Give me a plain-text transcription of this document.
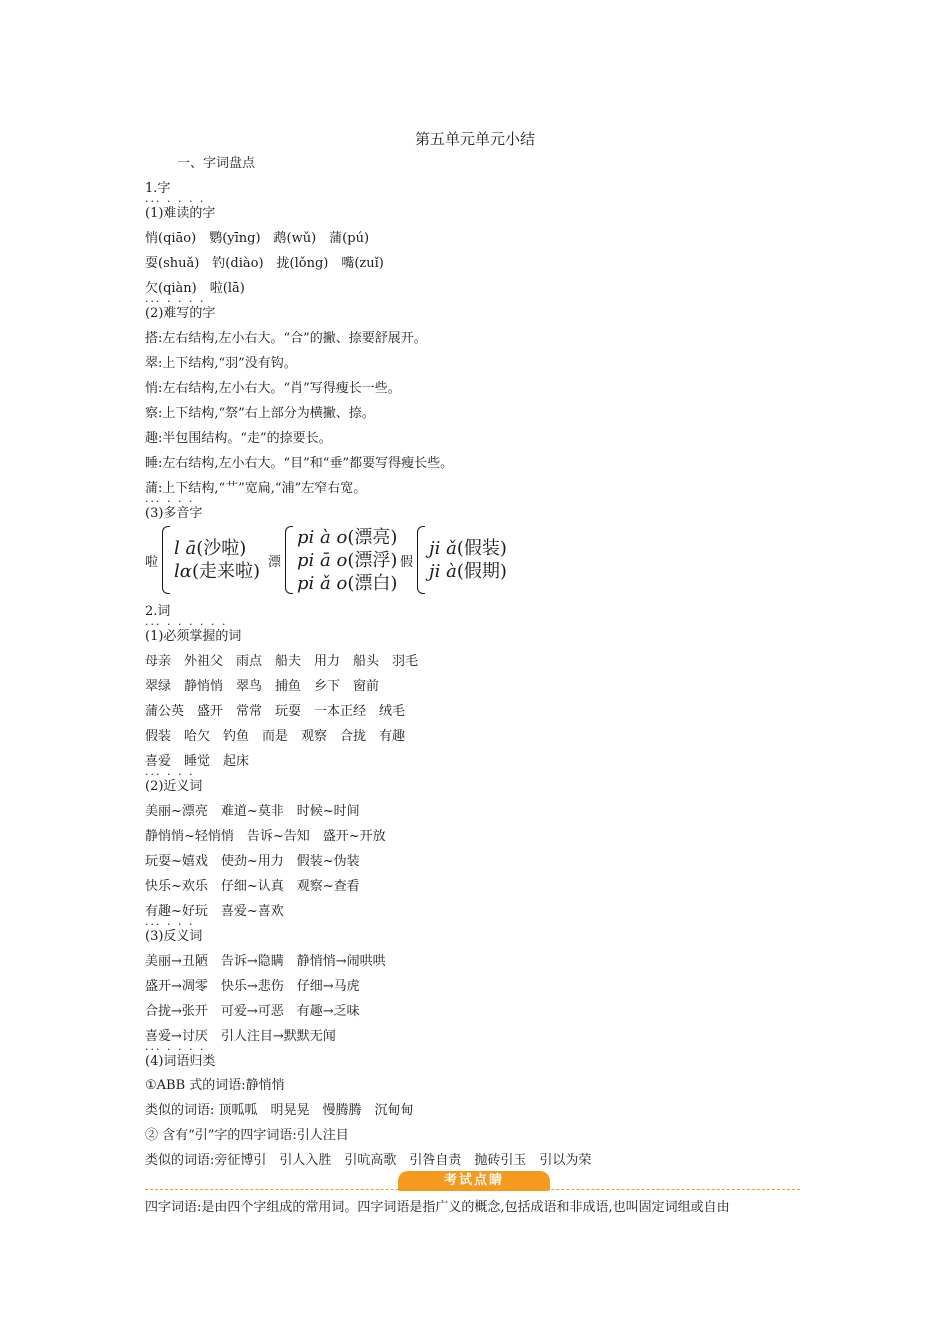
第五单元单元小结
一、字词盘点
1.字
··· · · · ·
(1)难读的字
悄(qiāo)　鹦(yīng)　鹉(wǔ)　蒲(pú)
耍(shuǎ)　钓(diào)　拢(lǒng)　嘴(zuǐ)
欠(qiàn)　啦(lā)
··· · · · ·
(2)难写的字
搭:左右结构,左小右大。“合”的撇、捺要舒展开。
翠:上下结构,“羽”没有钩。
悄:左右结构,左小右大。“肖”写得瘦长一些。
察:上下结构,“祭”右上部分为横撇、捺。
趣:半包围结构。“走”的捺要长。
睡:左右结构,左小右大。“目”和“垂”都要写得瘦长些。
蒲:上下结构,“艹”宽扁,“浦”左窄右宽。
··· · · ·
(3)多音字
啦
l ā(沙啦)
lɑ(走来啦) 漂
pi à o(漂亮)
pi ā o(漂浮)
pi ǎ o(漂白)
假
ji ǎ(假装)
ji à(假期)
2.词
··· · · · · · ·
(1)必须掌握的词
母亲　外祖父　雨点　船夫　用力　船头　羽毛
翠绿　静悄悄　翠鸟　捕鱼　乡下　窗前
蒲公英　盛开　常常　玩耍　一本正经　绒毛
假装　哈欠　钓鱼　而是　观察　合拢　有趣
喜爱　睡觉　起床
··· · · ·
(2)近义词
美丽~漂亮　难道~莫非　时候~时间
静悄悄~轻悄悄　告诉~告知　盛开~开放
玩耍~嬉戏　使劲~用力　假装~伪装
快乐~欢乐　仔细~认真　观察~查看
有趣~好玩　喜爱~喜欢
··· · · ·
(3)反义词
美丽→丑陋　告诉→隐瞒　静悄悄→闹哄哄
盛开→凋零　快乐→悲伤　仔细→马虎
合拢→张开　可爱→可恶　有趣→乏味
喜爱→讨厌　引人注目→默默无闻
··· · · · ·
(4)词语归类
①ABB 式的词语:静悄悄
类似的词语: 顶呱呱　明晃晃　慢腾腾　沉甸甸
② 含有“引”字的四字词语:引人注目
类似的词语:旁征博引　引人入胜　引吭高歌　引咎自责　抛砖引玉　引以为荣
考试点睛
四字词语:是由四个字组成的常用词。四字词语是指广义的概念,包括成语和非成语,也叫固定词组或自由
